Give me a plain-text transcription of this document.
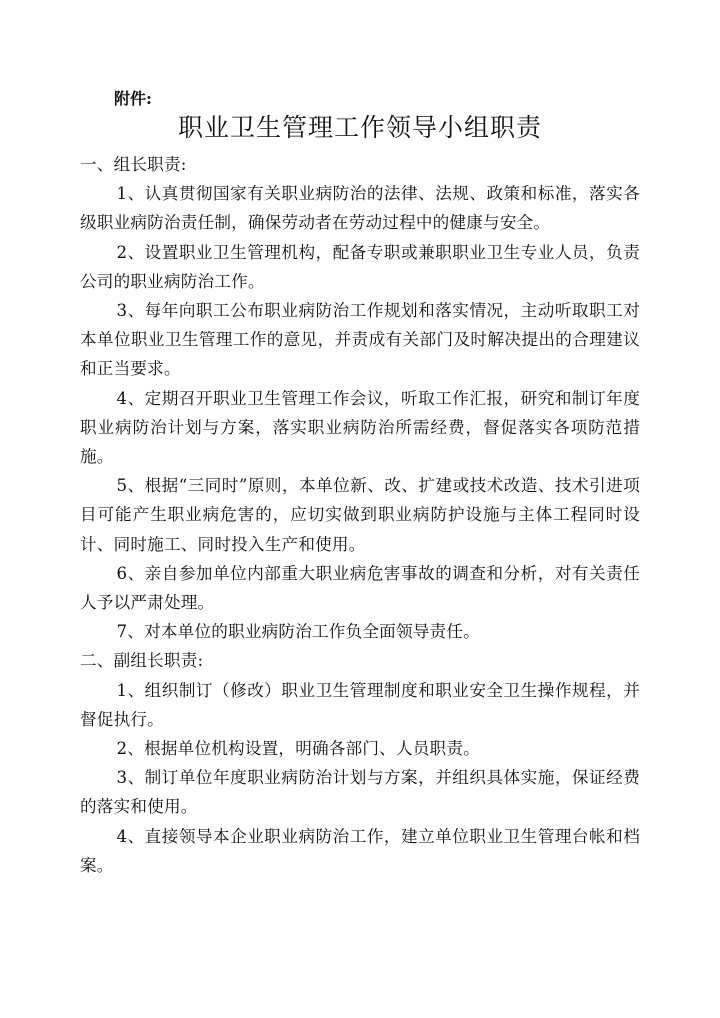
附件:
职业卫生管理工作领导小组职责

一、组长职责:

1、认真贯彻国家有关职业病防治的法律、法规、政策和标准，落实各级职业病防治责任制，确保劳动者在劳动过程中的健康与安全。

2、设置职业卫生管理机构，配备专职或兼职职业卫生专业人员，负责公司的职业病防治工作。

3、每年向职工公布职业病防治工作规划和落实情况，主动听取职工对本单位职业卫生管理工作的意见，并责成有关部门及时解决提出的合理建议和正当要求。

4、定期召开职业卫生管理工作会议，听取工作汇报，研究和制订年度职业病防治计划与方案，落实职业病防治所需经费，督促落实各项防范措施。

5、根据“三同时”原则，本单位新、改、扩建或技术改造、技术引进项目可能产生职业病危害的，应切实做到职业病防护设施与主体工程同时设计、同时施工、同时投入生产和使用。

6、亲自参加单位内部重大职业病危害事故的调查和分析，对有关责任人予以严肃处理。

7、对本单位的职业病防治工作负全面领导责任。

二、副组长职责:

1、组织制订（修改）职业卫生管理制度和职业安全卫生操作规程，并督促执行。

2、根据单位机构设置，明确各部门、人员职责。

3、制订单位年度职业病防治计划与方案，并组织具体实施，保证经费的落实和使用。

4、直接领导本企业职业病防治工作，建立单位职业卫生管理台帐和档案。
